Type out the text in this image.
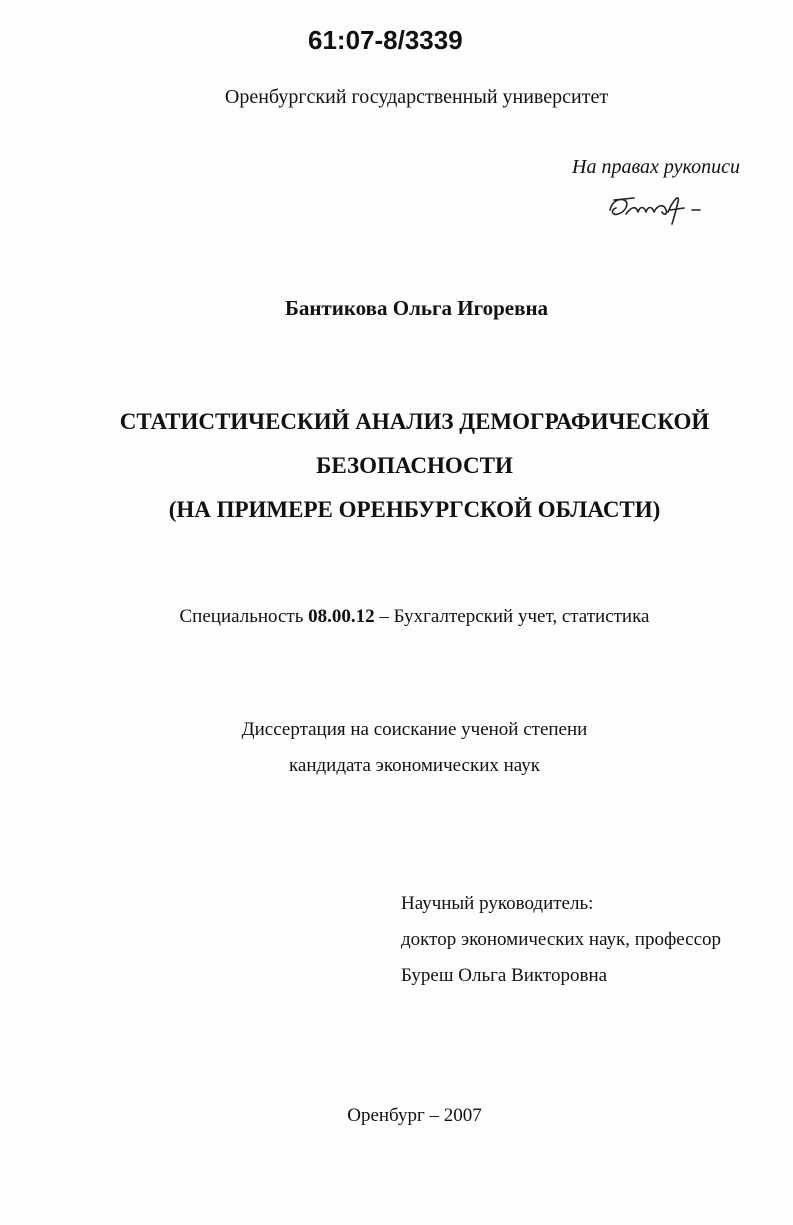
61:07-8/3339
Оренбургский государственный университет
На правах рукописи
Бантикова Ольга Игоревна
СТАТИСТИЧЕСКИЙ АНАЛИЗ ДЕМОГРАФИЧЕСКОЙ
БЕЗОПАСНОСТИ
(НА ПРИМЕРЕ ОРЕНБУРГСКОЙ ОБЛАСТИ)
Специальность 08.00.12 – Бухгалтерский учет, статистика
Диссертация на соискание ученой степени
кандидата экономических наук
Научный руководитель:
доктор экономических наук, профессор
Буреш Ольга Викторовна
Оренбург – 2007
